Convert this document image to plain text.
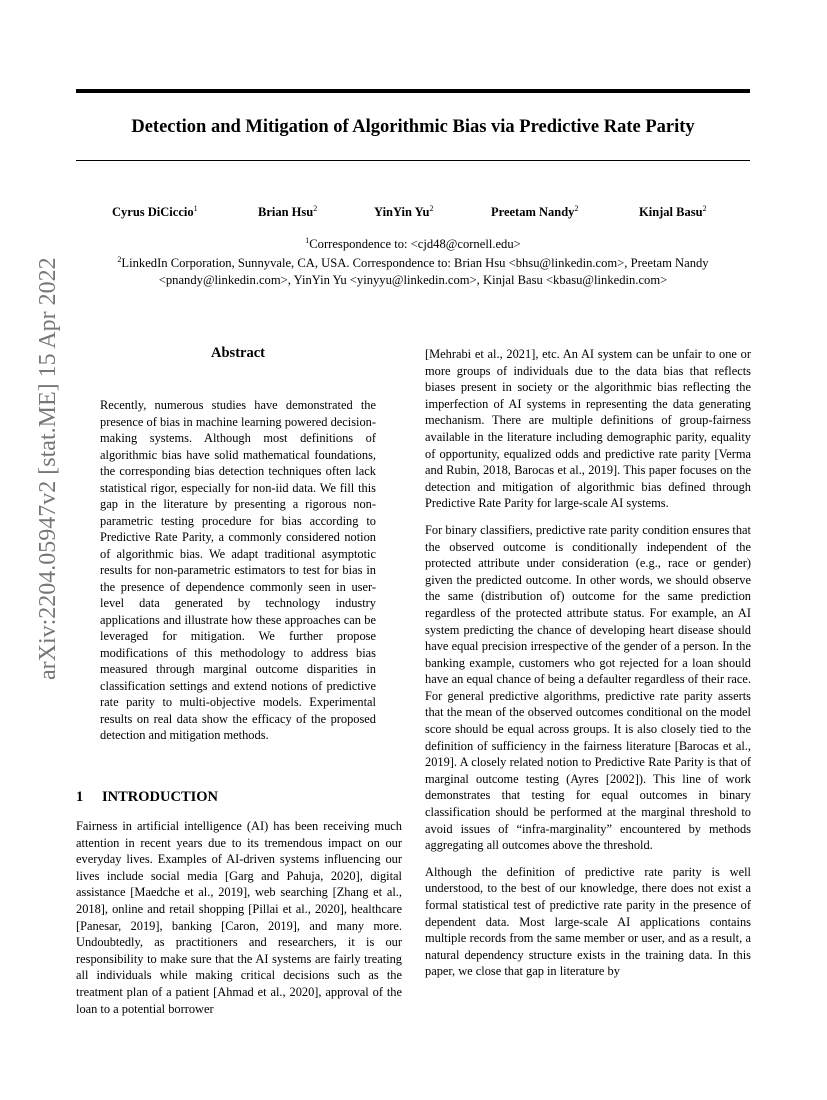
Detection and Mitigation of Algorithmic Bias via Predictive Rate Parity
Cyrus DiCiccio$^1$	Brian Hsu$^2$	YinYin Yu$^2$	Preetam Nandy$^2$	Kinjal Basu$^2$
$^1$Correspondence to: <cjd48@cornell.edu>
$^2$LinkedIn Corporation, Sunnyvale, CA, USA. Correspondence to: Brian Hsu <bhsu@linkedin.com>, Preetam Nandy <pnandy@linkedin.com>, YinYin Yu <yinyyu@linkedin.com>, Kinjal Basu <kbasu@linkedin.com>
arXiv:2204.05947v2 [stat.ME] 15 Apr 2022	Abstract
Recently, numerous studies have demonstrated the presence of bias in machine learning powered decision-making systems. Although most definitions of algorithmic bias have solid mathematical foundations, the corresponding bias detection techniques often lack statistical rigor, especially for non-iid data. We fill this gap in the literature by presenting a rigorous non-parametric testing procedure for bias according to Predictive Rate Parity, a commonly considered notion of algorithmic bias. We adapt traditional asymptotic results for non-parametric estimators to test for bias in the presence of dependence commonly seen in user-level data generated by technology industry applications and illustrate how these approaches can be leveraged for mitigation. We further propose modifications of this methodology to address bias measured through marginal outcome disparities in classification settings and extend notions of predictive rate parity to multi-objective models. Experimental results on real data show the efficacy of the proposed detection and mitigation methods.
1 INTRODUCTION

Fairness in artificial intelligence (AI) has been receiving much attention in recent years due to its tremendous impact on our everyday lives. Examples of AI-driven systems influencing our lives include social media [Garg and Pahuja, 2020], digital assistance [Maedche et al., 2019], web searching [Zhang et al., 2018], online and retail shopping [Pillai et al., 2020], healthcare [Panesar, 2019], banking [Caron, 2019], and many more. Undoubtedly, as practitioners and researchers, it is our responsibility to make sure that the AI systems are fairly treating all individuals while making critical decisions such as the treatment plan of a patient [Ahmad et al., 2020], approval of the loan to a potential borrower

[Mehrabi et al., 2021], etc. An AI system can be unfair to one or more groups of individuals due to the data bias that reflects biases present in society or the algorithmic bias reflecting the imperfection of AI systems in representing the data generating mechanism. There are multiple definitions of group-fairness available in the literature including demographic parity, equality of opportunity, equalized odds and predictive rate parity [Verma and Rubin, 2018, Barocas et al., 2019]. This paper focuses on the detection and mitigation of algorithmic bias defined through Predictive Rate Parity for large-scale AI systems.

For binary classifiers, predictive rate parity condition ensures that the observed outcome is conditionally independent of the protected attribute under consideration (e.g., race or gender) given the predicted outcome. In other words, we should observe the same (distribution of) outcome for the same prediction regardless of the protected attribute status. For example, an AI system predicting the chance of developing heart disease should have equal precision irrespective of the gender of a person. In the banking example, customers who got rejected for a loan should have an equal chance of being a defaulter regardless of their race. For general predictive algorithms, predictive rate parity asserts that the mean of the observed outcomes conditional on the model score should be equal across groups. It is also closely tied to the definition of sufficiency in the fairness literature [Barocas et al., 2019]. A closely related notion to Predictive Rate Parity is that of marginal outcome testing (Ayres [2002]). This line of work demonstrates that testing for equal outcomes in binary classification should be performed at the marginal threshold to avoid issues of “infra-marginality” encountered by methods aggregating all outcomes above the threshold.

Although the definition of predictive rate parity is well understood, to the best of our knowledge, there does not exist a formal statistical test of predictive rate parity in the presence of dependent data. Most large-scale AI applications contains multiple records from the same member or user, and as a result, a natural dependency structure exists in the training data. In this paper, we close that gap in literature by
